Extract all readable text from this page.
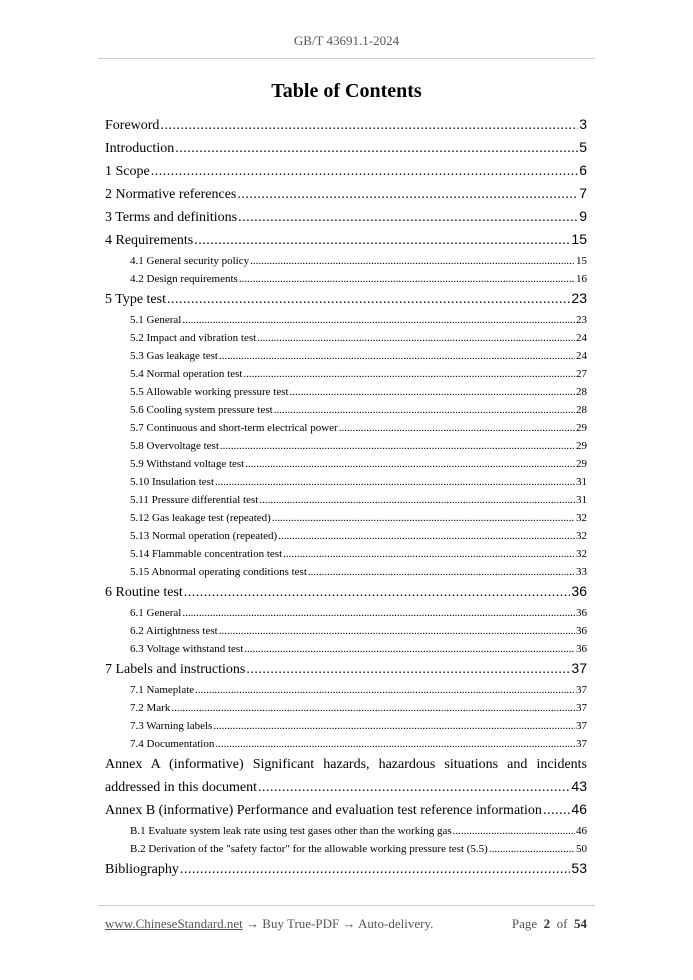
GB/T 43691.1-2024
Table of Contents
Foreword .....	3
Introduction .....	5
1 Scope .....	6
2 Normative references .....	7
3 Terms and definitions .....	9
4 Requirements .....	15
4.1 General security policy .....	15
4.2 Design requirements .....	16
5 Type test .....	23
5.1 General .....	23
5.2 Impact and vibration test .....	24
5.3 Gas leakage test .....	24
5.4 Normal operation test .....	27
5.5 Allowable working pressure test .....	28
5.6 Cooling system pressure test .....	28
5.7 Continuous and short-term electrical power .....	29
5.8 Overvoltage test .....	29
5.9 Withstand voltage test .....	29
5.10 Insulation test .....	31
5.11 Pressure differential test .....	31
5.12 Gas leakage test (repeated) .....	32
5.13 Normal operation (repeated) .....	32
5.14 Flammable concentration test .....	32
5.15 Abnormal operating conditions test .....	33
6 Routine test .....	36
6.1 General .....	36
6.2 Airtightness test .....	36
6.3 Voltage withstand test .....	36
7 Labels and instructions .....	37
7.1 Nameplate .....	37
7.2 Mark .....	37
7.3 Warning labels .....	37
7.4 Documentation .....	37
Annex A (informative) Significant hazards, hazardous situations and incidents
addressed in this document .....	43
Annex B (informative) Performance and evaluation test reference information ..... 46
B.1 Evaluate system leak rate using test gases other than the working gas .....	46
B.2 Derivation of the "safety factor" for the allowable working pressure test (5.5) .....	50
Bibliography .....	53
www.ChineseStandard.net → Buy True-PDF → Auto-delivery.	Page 2 of 54
